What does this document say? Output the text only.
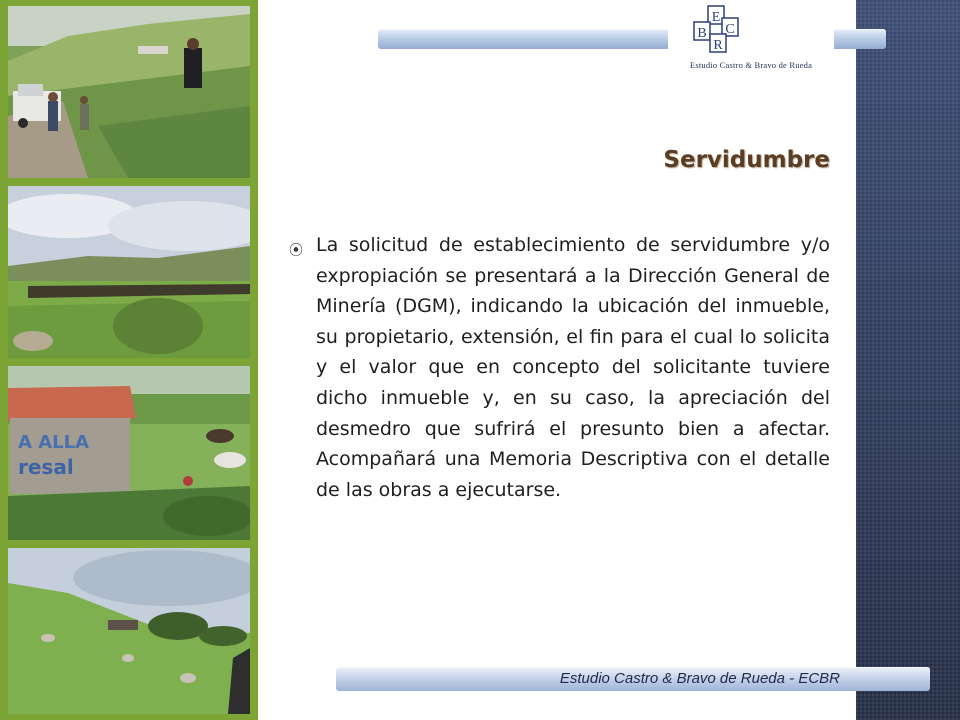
A ALLA
resal
E
C
B
R
Estudio Castro & Bravo de Rueda
Servidumbre
⦿ La solicitud de establecimiento de servidumbre y/o expropiación se presentará a la Dirección General de Minería (DGM), indicando la ubicación del inmueble, su propietario, extensión, el fin para el cual lo solicita y el valor que en concepto del solicitante tuviere dicho inmueble y, en su caso, la apreciación del desmedro que sufrirá el presunto bien a afectar. Acompañará una Memoria Descriptiva con el detalle de las obras a ejecutarse.

Estudio Castro & Bravo de Rueda - ECBR
